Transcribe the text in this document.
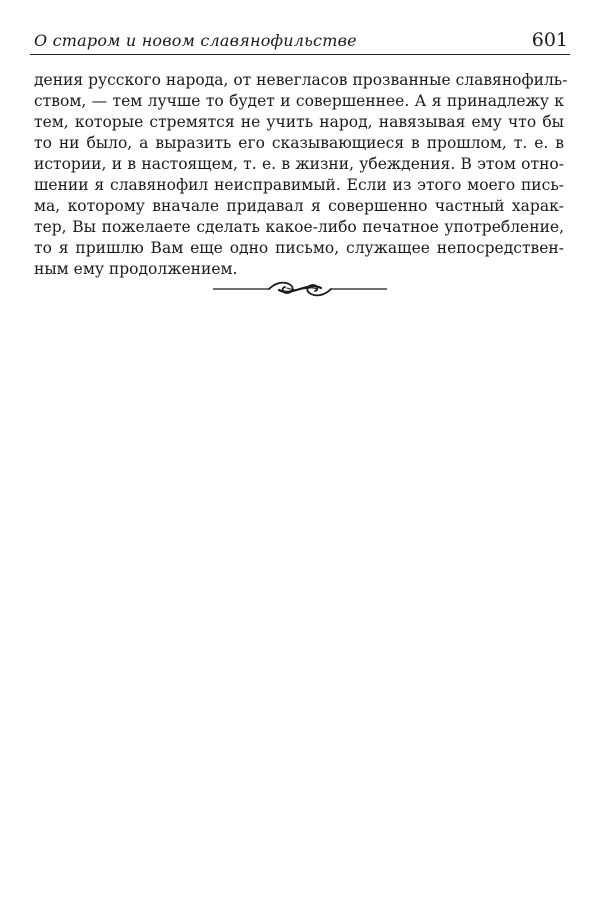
О старом и новом славянофильстве	601
дения русского народа, от невегласов прозванные славянофиль-
ством, — тем лучше то будет и совершеннее. А я принадлежу к
тем, которые стремятся не учить народ, навязывая ему что бы
то ни было, а выразить его сказывающиеся в прошлом, т. е. в
истории, и в настоящем, т. е. в жизни, убеждения. В этом отно-
шении я славянофил неисправимый. Если из этого моего пись-
ма, которому вначале придавал я совершенно частный харак-
тер, Вы пожелаете сделать какое-либо печатное употребление,
то я пришлю Вам еще одно письмо, служащее непосредствен-
ным ему продолжением.
